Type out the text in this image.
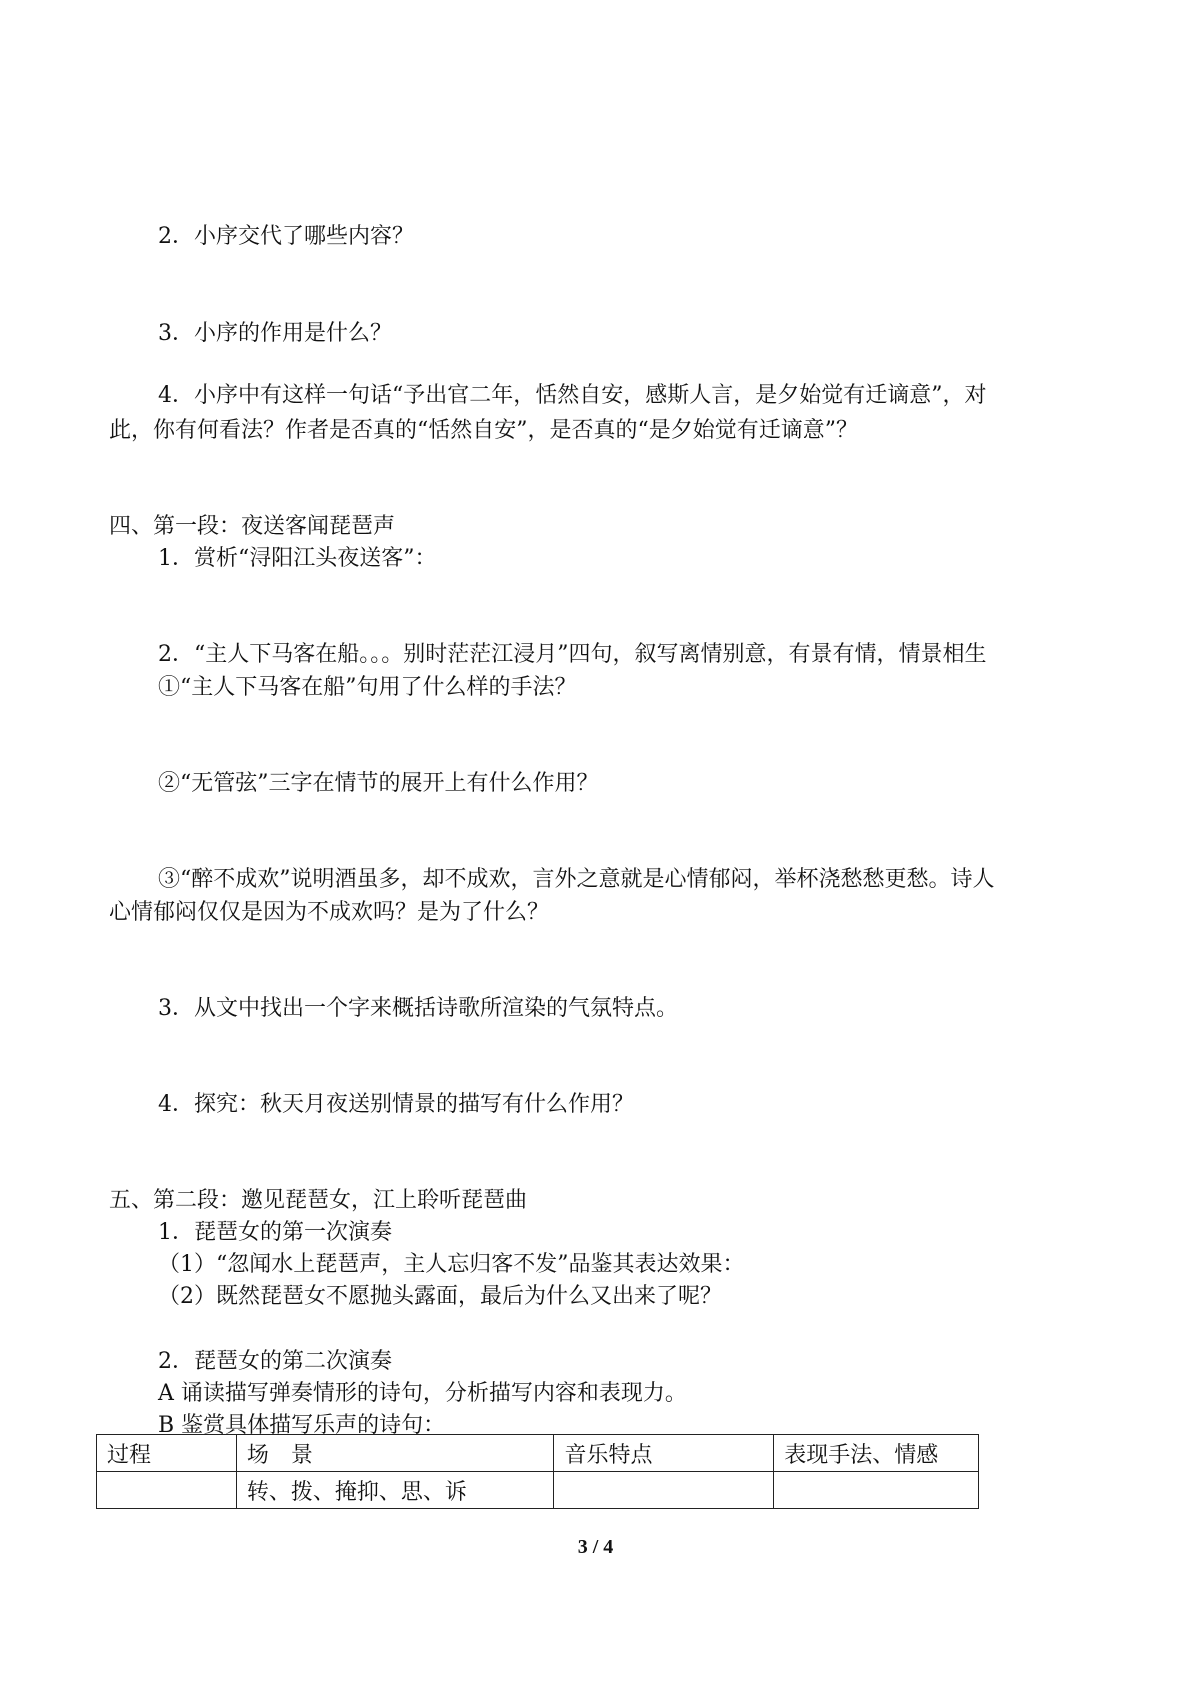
2．小序交代了哪些内容？
3．小序的作用是什么？
4．小序中有这样一句话“予出官二年，恬然自安，感斯人言，是夕始觉有迁谪意”，对
此，你有何看法？作者是否真的“恬然自安”，是否真的“是夕始觉有迁谪意”？
四、第一段：夜送客闻琵琶声
1．赏析“浔阳江头夜送客”：
2．“主人下马客在船。。。别时茫茫江浸月”四句，叙写离情别意，有景有情，情景相生
①“主人下马客在船”句用了什么样的手法？
②“无管弦”三字在情节的展开上有什么作用？
③“醉不成欢”说明酒虽多，却不成欢，言外之意就是心情郁闷，举杯浇愁愁更愁。诗人
心情郁闷仅仅是因为不成欢吗？是为了什么？
3．从文中找出一个字来概括诗歌所渲染的气氛特点。
4．探究：秋天月夜送别情景的描写有什么作用？
五、第二段：邀见琵琶女，江上聆听琵琶曲
1．琵琶女的第一次演奏
（1）“忽闻水上琵琶声，主人忘归客不发”品鉴其表达效果：
（2）既然琵琶女不愿抛头露面，最后为什么又出来了呢？
2．琵琶女的第二次演奏
A 诵读描写弹奏情形的诗句，分析描写内容和表现力。
B 鉴赏具体描写乐声的诗句：
过程	场　景	音乐特点	表现手法、情感
	转、拨、掩抑、思、诉		
3 / 4
